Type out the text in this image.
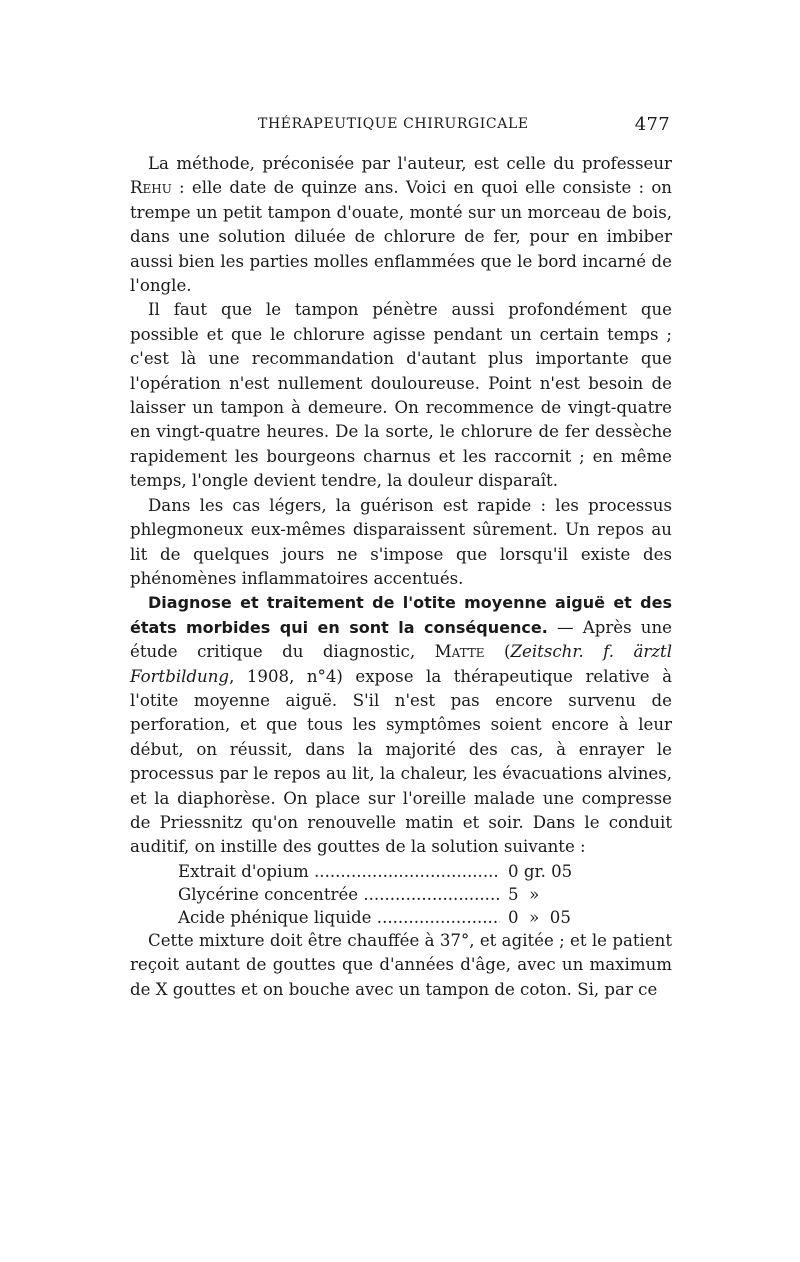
THÉRAPEUTIQUE CHIRURGICALE	477

La méthode, préconisée par l'auteur, est celle du professeur Rehu : elle date de quinze ans. Voici en quoi elle consiste : on trempe un petit tampon d'ouate, monté sur un morceau de bois, dans une solution diluée de chlorure de fer, pour en imbiber aussi bien les parties molles enflammées que le bord incarné de l'ongle.

Il faut que le tampon pénètre aussi profondément que possible et que le chlorure agisse pendant un certain temps ; c'est là une recommandation d'autant plus importante que l'opération n'est nullement douloureuse. Point n'est besoin de laisser un tampon à demeure. On recommence de vingt-quatre en vingt-quatre heures. De la sorte, le chlorure de fer dessèche rapidement les bourgeons charnus et les raccornit ; en même temps, l'ongle devient tendre, la douleur disparaît.

Dans les cas légers, la guérison est rapide : les processus phlegmoneux eux-mêmes disparaissent sûrement. Un repos au lit de quelques jours ne s'impose que lorsqu'il existe des phénomènes inflammatoires accentués.

Diagnose et traitement de l'otite moyenne aiguë et des états morbides qui en sont la conséquence. — Après une étude critique du diagnostic, Matte (Zeitschr. f. ärztl Fortbildung, 1908, n°4) expose la thérapeutique relative à l'otite moyenne aiguë. S'il n'est pas encore survenu de perforation, et que tous les symptômes soient encore à leur début, on réussit, dans la majorité des cas, à enrayer le processus par le repos au lit, la chaleur, les évacuations alvines, et la diaphorèse. On place sur l'oreille malade une compresse de Priessnitz qu'on renouvelle matin et soir. Dans le conduit auditif, on instille des gouttes de la solution suivante :

Extrait d'opium .....	0 gr. 05
Glycérine concentrée .....	5  »
Acide phénique liquide .....	0  »  05

Cette mixture doit être chauffée à 37°, et agitée ; et le patient reçoit autant de gouttes que d'années d'âge, avec un maximum de X gouttes et on bouche avec un tampon de coton. Si, par ce
